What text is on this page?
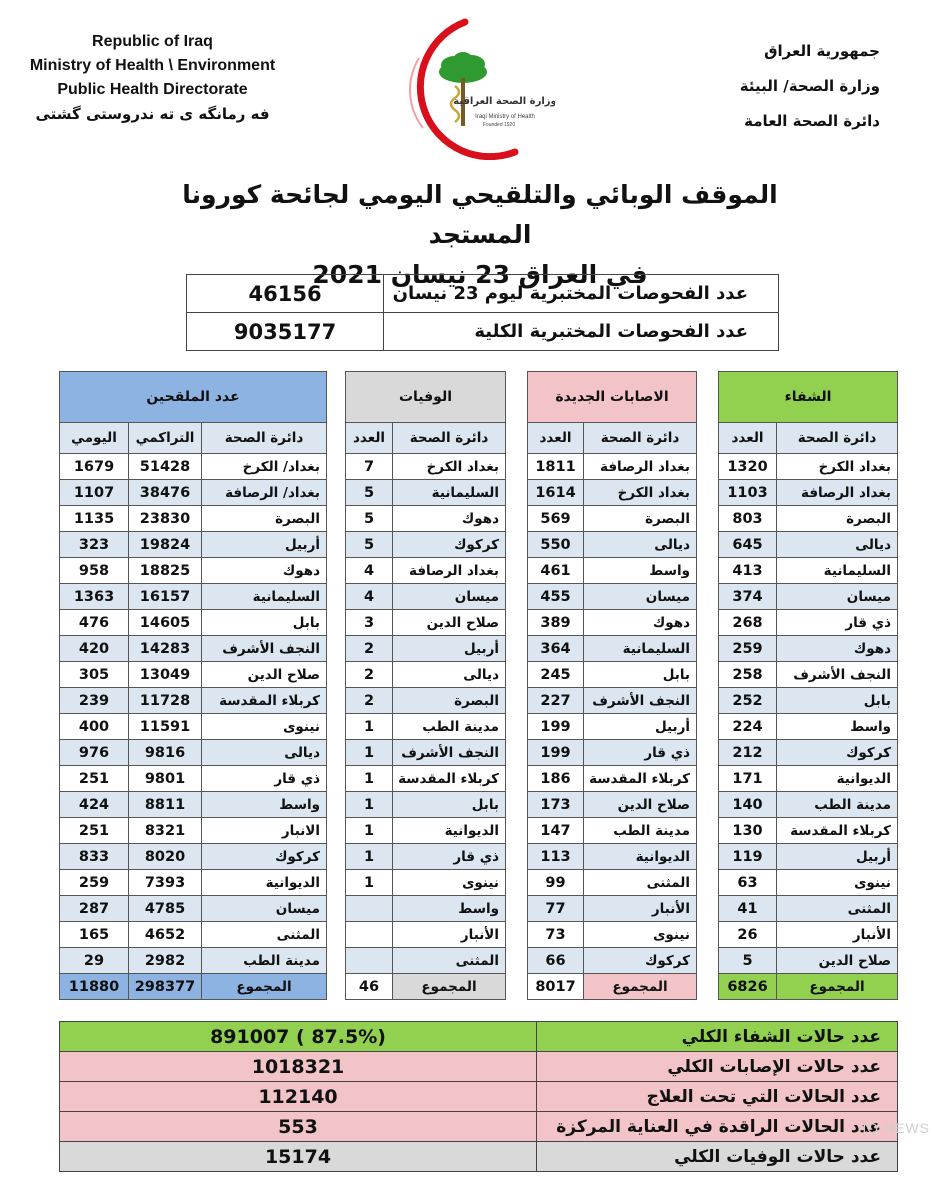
Republic of Iraq
Ministry of Health \ Environment
Public Health Directorate
فه رمانگه ی ته ندروستی گشتی
وزارة الصحة العراقية
Iraqi Ministry of Health
Founded 1920
جمهورية العراق
وزارة الصحة/ البيئة
دائرة الصحة العامة
الموقف الوبائي والتلقيحي اليومي لجائحة كورونا المستجد
في العراق 23 نيسان 2021
عدد الفحوصات المختبرية ليوم 23 نيسان	46156
عدد الفحوصات المختبرية الكلية	9035177
الشفاء	
دائرة الصحة	العدد
بغداد الكرخ	1320
بغداد الرصافة	1103
البصرة	803
ديالى	645
السليمانية	413
ميسان	374
ذي قار	268
دهوك	259
النجف الأشرف	258
بابل	252
واسط	224
كركوك	212
الديوانية	171
مدينة الطب	140
كربلاء المقدسة	130
أربيل	119
نينوى	63
المثنى	41
الأنبار	26
صلاح الدين	5
المجموع	6826
الاصابات الجديدة	
دائرة الصحة	العدد
بغداد الرصافة	1811
بغداد الكرخ	1614
البصرة	569
ديالى	550
واسط	461
ميسان	455
دهوك	389
السليمانية	364
بابل	245
النجف الأشرف	227
أربيل	199
ذي قار	199
كربلاء المقدسة	186
صلاح الدين	173
مدينة الطب	147
الديوانية	113
المثنى	99
الأنبار	77
نينوى	73
كركوك	66
المجموع	8017
الوفيات	
دائرة الصحة	العدد
بغداد الكرخ	7
السليمانية	5
دهوك	5
كركوك	5
بغداد الرصافة	4
ميسان	4
صلاح الدين	3
أربيل	2
ديالى	2
البصرة	2
مدينة الطب	1
النجف الأشرف	1
كربلاء المقدسة	1
بابل	1
الديوانية	1
ذي قار	1
نينوى	1
واسط	
الأنبار	
المثنى	
المجموع	46
عدد الملقحين		
دائرة الصحة	التراكمي	اليومي
بغداد/ الكرخ	51428	1679
بغداد/ الرصافة	38476	1107
البصرة	23830	1135
أربيل	19824	323
دهوك	18825	958
السليمانية	16157	1363
بابل	14605	476
النجف الأشرف	14283	420
صلاح الدين	13049	305
كربلاء المقدسة	11728	239
نينوى	11591	400
ديالى	9816	976
ذي قار	9801	251
واسط	8811	424
الانبار	8321	251
كركوك	8020	833
الديوانية	7393	259
ميسان	4785	287
المثنى	4652	165
مدينة الطب	2982	29
المجموع	298377	11880
عدد حالات الشفاء الكلي	(87.5% ) 891007
عدد حالات الإصابات الكلي	1018321
عدد الحالات التي تحت العلاج	112140
عدد الحالات الراقدة في العناية المركزة	553
عدد حالات الوفيات الكلي	15174
IQ NEWS
